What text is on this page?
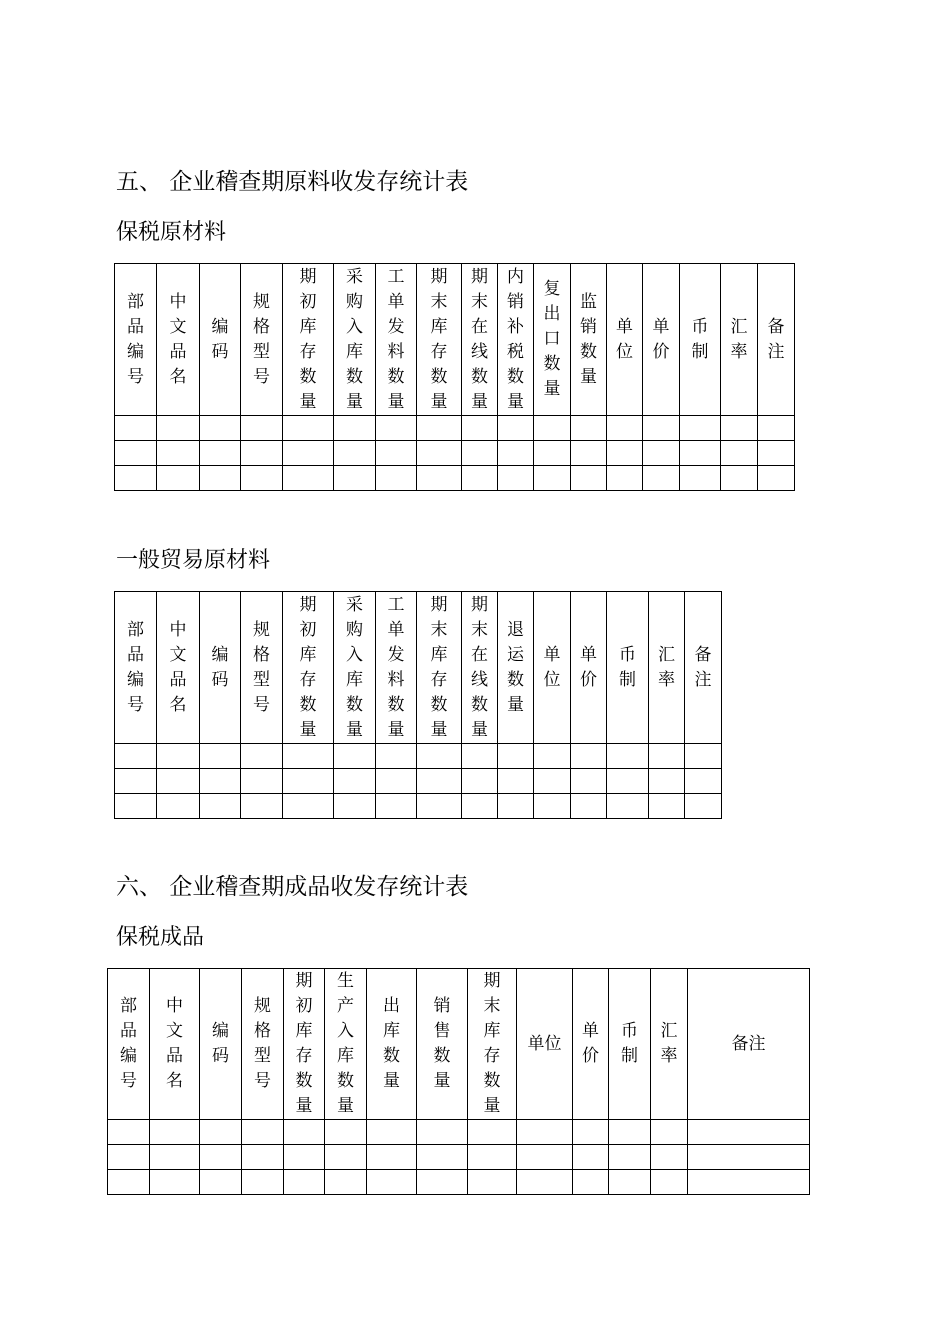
五、 企业稽查期原料收发存统计表
保税原材料
部品编号	中文品名	编码	规格型号	期初库存数量	采购入库数量	工单发料数量	期末库存数量	期末在线数量	内销补税数量	复出口数量	监销数量	单位	单价	币制	汇率	备注

一般贸易原材料
部品编号	中文品名	编码	规格型号	期初库存数量	采购入库数量	工单发料数量	期末库存数量	期末在线数量	退运数量	单位	单价	币制	汇率	备注

六、 企业稽查期成品收发存统计表
保税成品
部品编号	中文品名	编码	规格型号	期初库存数量	生产入库数量	出库数量	销售数量	期末库存数量	单位	单价	币制	汇率	备注
